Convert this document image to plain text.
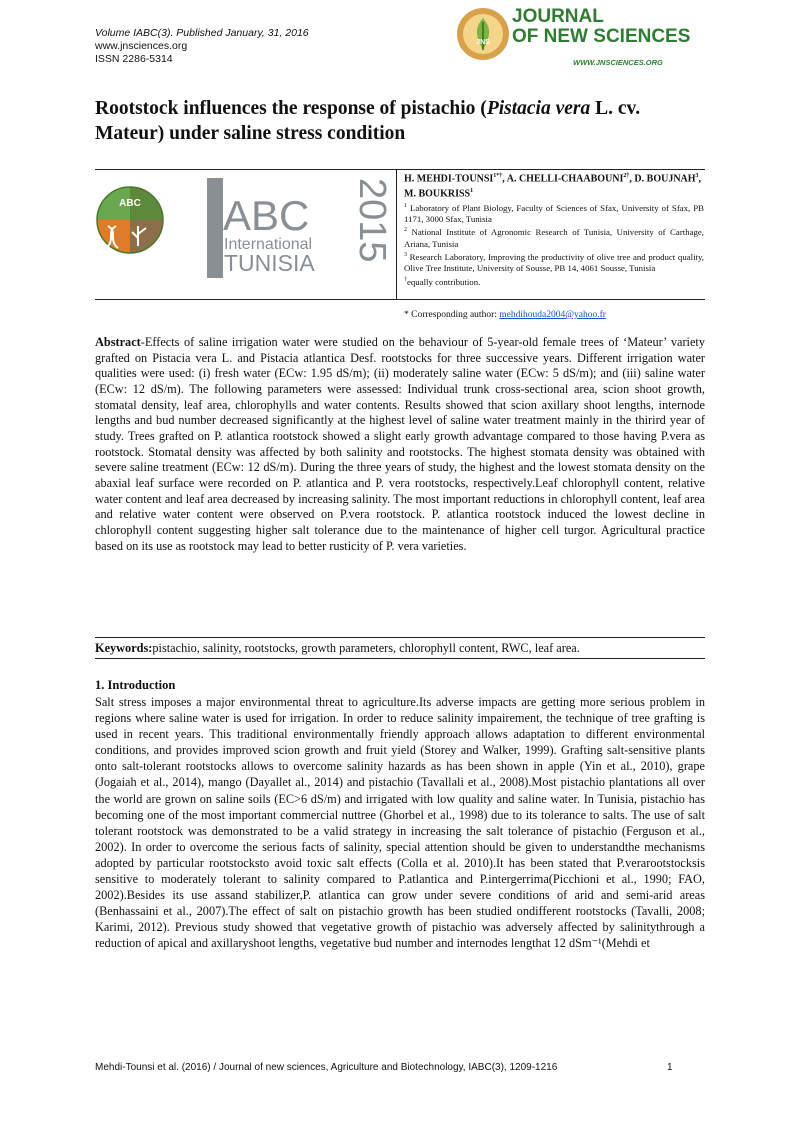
Volume IABC(3). Published January, 31, 2016
www.jnsciences.org
ISSN 2286-5314
JNS
JOURNAL
OF NEW SCIENCES
WWW.JNSCIENCES.ORG
Rootstock influences the response of pistachio (Pistacia vera L. cv. Mateur) under saline stress condition
ABC ABC
International
TUNISIA
2015 H. MEHDI-$TOUNSI^{1*\dagger}$, A. CHELLI-$CHAABOUNI^{2\dagger}$, D. BOUJNAH$^3$, M. BOUKRISS$^1$
$^1$ Laboratory of Plant Biology, Faculty of Sciences of Sfax, University of Sfax, PB 1171, 3000 Sfax, Tunisia
$^2$ National Institute of Agronomic Research of Tunisia, University of Carthage, Ariana, Tunisia
$^3$ Research Laboratory, Improving the productivity of olive tree and product quality, Olive Tree Institute, University of Sousse, PB 14, 4061 Sousse, Tunisia
†equally contribution.
* Corresponding author: mehdihouda2004@yahoo.fr
Abstract-Effects of saline irrigation water were studied on the behaviour of 5-year-old female trees of ‘Mateur’ variety grafted on Pistacia vera L. and Pistacia atlantica Desf. rootstocks for three successive years. Different irrigation water qualities were used: (i) fresh water (ECw: 1.95 dS/m); (ii) moderately saline water (ECw: 5 dS/m); and (iii) saline water (ECw: 12 dS/m). The following parameters were assessed: Individual trunk cross-sectional area, scion shoot growth, stomatal density, leaf area, chlorophylls and water contents. Results showed that scion axillary shoot lengths, internode lengths and bud number decreased significantly at the highest level of saline water treatment mainly in the thirird year of study. Trees grafted on P. atlantica rootstock showed a slight early growth advantage compared to those having P.vera as rootstock. Stomatal density was affected by both salinity and rootstocks. The highest stomata density was obtained with severe saline treatment (ECw: 12 dS/m). During the three years of study, the highest and the lowest stomata density on the abaxial leaf surface were recorded on P. atlantica and P. vera rootstocks, respectively.Leaf chlorophyll content, relative water content and leaf area decreased by increasing salinity. The most important reductions in chlorophyll content, leaf area and relative water content were observed on P.vera rootstock. P. atlantica rootstock induced the lowest decline in chlorophyll content suggesting higher salt tolerance due to the maintenance of higher cell turgor. Agricultural practice based on its use as rootstock may lead to better rusticity of P. vera varieties.
Keywords:pistachio, salinity, rootstocks, growth parameters, chlorophyll content, RWC, leaf area.
1. Introduction
Salt stress imposes a major environmental threat to agriculture.Its adverse impacts are getting more serious problem in regions where saline water is used for irrigation. In order to reduce salinity impairement, the technique of tree grafting is used in recent years. This traditional environmentally friendly approach allows adaptation to different environmental conditions, and provides improved scion growth and fruit yield (Storey and Walker, 1999). Grafting salt-sensitive plants onto salt-tolerant rootstocks allows to overcome salinity hazards as has been shown in apple (Yin et al., 2010), grape (Jogaiah et al., 2014), mango (Dayallet al., 2014) and pistachio (Tavallali et al., 2008).Most pistachio plantations all over the world are grown on saline soils (EC>6 dS/m) and irrigated with low quality and saline water. In Tunisia, pistachio has becoming one of the most important commercial nuttree (Ghorbel et al., 1998) due to its tolerance to salts. The use of salt tolerant rootstock was demonstrated to be a valid strategy in increasing the salt tolerance of pistachio (Ferguson et al., 2002). In order to overcome the serious facts of salinity, special attention should be given to understandthe mechanisms adopted by particular rootstocksto avoid toxic salt effects (Colla et al. 2010).It has been stated that P.verarootstocksis sensitive to moderately tolerant to salinity compared to P.atlantica and P.intergerrima(Picchioni et al., 1990; FAO, 2002).Besides its use assand stabilizer,P. atlantica can grow under severe conditions of arid and semi-arid areas (Benhassaini et al., 2007).The effect of salt on pistachio growth has been studied ondifferent rootstocks (Tavalli, 2008; Karimi, 2012). Previous study showed that vegetative growth of pistachio was adversely affected by salinitythrough a reduction of apical and axillaryshoot lengths, vegetative bud number and internodes lengthat 12 dSm⁻¹(Mehdi et
Mehdi-Tounsi et al. (2016) / Journal of new sciences, Agriculture and Biotechnology, IABC(3), 1209-1216	1
